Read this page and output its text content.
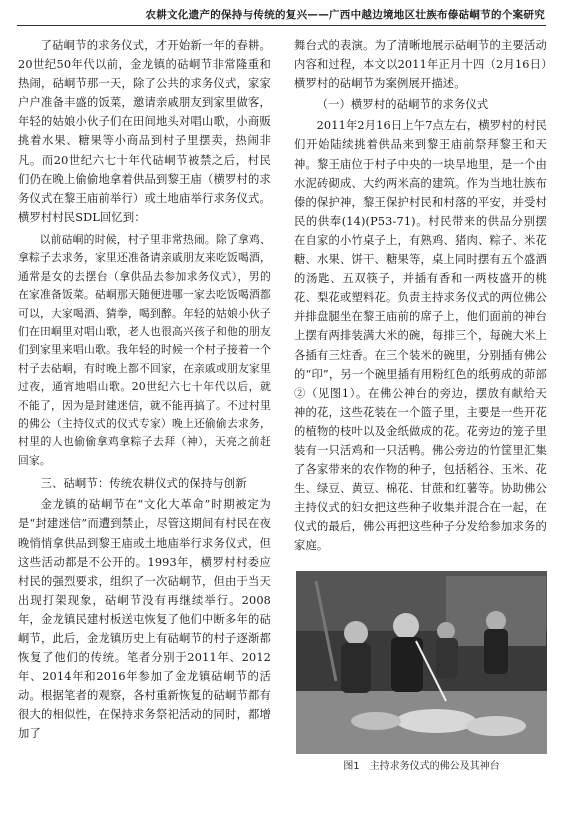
农耕文化遗产的保持与传统的复兴——广西中越边境地区壮族布傣𥑮峒节的个案研究

了𥑮峒节的求务仪式，才开始新一年的春耕。20世纪50年代以前，金龙镇的𥑮峒节非常隆重和热闹，𥑮峒节那一天，除了公共的求务仪式，家家户户准备丰盛的饭菜，邀请亲戚朋友到家里做客，年轻的姑娘小伙子们在田间地头对唱山歌，小商贩挑着水果、糖果等小商品到村子里摆卖，热闹非凡。而20世纪六七十年代𥑮峒节被禁之后，村民们仍在晚上偷偷地拿着供品到黎王庙（横罗村的求务仪式在黎王庙前举行）或土地庙举行求务仪式。横罗村村民SDL回忆到：

以前𥑮峒的时候，村子里非常热闹。除了拿鸡、拿粽子去求务，家里还准备请亲戚朋友来吃饭喝酒，通常是女的去摆台（拿供品去参加求务仪式），男的在家准备饭菜。𥑮峒那天随便进哪一家去吃饭喝酒都可以，大家喝酒、猜拳，喝到醉。年轻的姑娘小伙子们在田峒里对唱山歌，老人也很高兴孩子和他的朋友们到家里来唱山歌。我年轻的时候一个村子接着一个村子去𥑮峒，有时晚上都不回家，在亲戚或朋友家里过夜，通宵地唱山歌。20世纪六七十年代以后，就不能了，因为是封建迷信，就不能再搞了。不过村里的佛公（主持仪式的仪式专家）晚上还偷偷去求务，村里的人也偷偷拿鸡拿粽子去拜（神），天亮之前赶回家。

三、𥑮峒节：传统农耕仪式的保持与创新

金龙镇的𥑮峒节在“文化大革命”时期被定为是“封建迷信”而遭到禁止，尽管这期间有村民在夜晚悄悄拿供品到黎王庙或土地庙举行求务仪式，但这些活动都是不公开的。1993年，横罗村村委应村民的强烈要求，组织了一次𥑮峒节，但由于当天出现打架现象，𥑮峒节没有再继续举行。2008年，金龙镇民建村板送屯恢复了他们中断多年的𥑮峒节，此后，金龙镇历史上有𥑮峒节的村子逐渐都恢复了他们的传统。笔者分别于2011年、2012年、2014年和2016年参加了金龙镇𥑮峒节的活动。根据笔者的观察，各村重新恢复的𥑮峒节都有很大的相似性，在保持求务祭祀活动的同时，都增加了

舞台式的表演。为了清晰地展示𥑮峒节的主要活动内容和过程，本文以2011年正月十四（2月16日）横罗村的𥑮峒节为案例展开描述。

（一）横罗村的𥑮峒节的求务仪式

2011年2月16日上午7点左右，横罗村的村民们开始陆续挑着供品来到黎王庙前祭拜黎王和天神。黎王庙位于村子中央的一块旱地里，是一个由水泥砖砌成、大约两米高的建筑。作为当地壮族布傣的保护神，黎王保护村民和村落的平安，并受村民的供奉(14)(P53-71)。村民带来的供品分别摆在自家的小竹桌子上，有熟鸡、猪肉、粽子、米花糖、水果、饼干、糖果等，桌上同时摆有五个盛酒的汤匙、五双筷子，并插有香和一两枝盛开的桃花、梨花或塑料花。负责主持求务仪式的两位佛公并排盘腿坐在黎王庙前的席子上，他们面前的神台上摆有两排装满大米的碗，每排三个，每碗大米上各插有三炷香。在三个装米的碗里，分别插有佛公的“印”，另一个碗里插有用粉红色的纸剪成的茆部②（见图1）。在佛公神台的旁边，摆放有献给天神的花，这些花装在一个篮子里，主要是一些开花的植物的枝叶以及金纸做成的花。花旁边的笼子里装有一只活鸡和一只活鸭。佛公旁边的竹筐里汇集了各家带来的农作物的种子，包括稻谷、玉米、花生、绿豆、黄豆、棉花、甘蔗和红薯等。协助佛公主持仪式的妇女把这些种子收集并混合在一起，在仪式的最后，佛公再把这些种子分发给参加求务的家庭。

图1　主持求务仪式的佛公及其神台
